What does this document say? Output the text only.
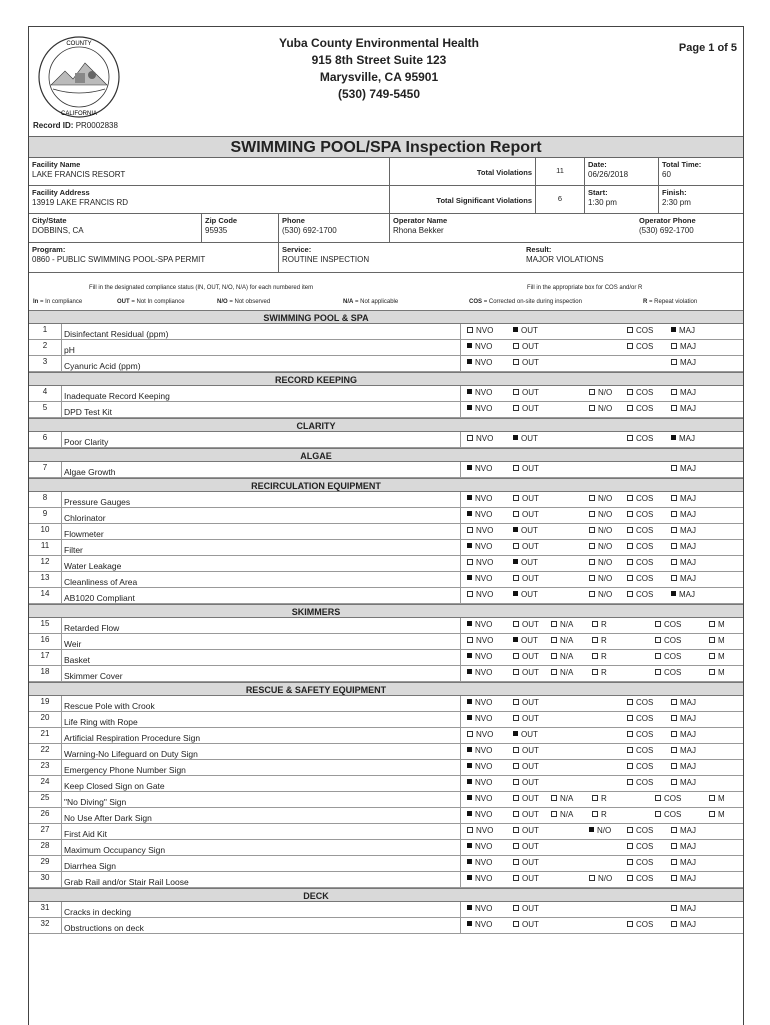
COUNTY
CALIFORNIA
Yuba County Environmental Health
915 8th Street Suite 123
Marysville, CA 95901
(530) 749-5450
Page 1 of 5
Record ID: PR0002838
SWIMMING POOL/SPA Inspection Report
Facility Name
LAKE FRANCIS RESORT	Total Violations	11
Date:
06/26/2018
Total Time:
60
Facility Address
13919 LAKE FRANCIS RD	Total Significant Violations	6
Start:
1:30 pm
Finish:
2:30 pm
City/State
DOBBINS, CA
Zip Code
95935
Phone
(530) 692-1700
Operator Name
Rhona Bekker
Operator Phone
(530) 692-1700
Program:
0860 - PUBLIC SWIMMING POOL-SPA PERMIT
Service:
ROUTINE INSPECTION
Result:
MAJOR VIOLATIONS
Fill in the designated compliance status (IN, OUT, N/O, N/A) for each numbered item	Fill in the appropriate box for COS and/or R
In = In compliance	OUT = Not In compliance	N/O = Not observed	N/A = Not applicable	COS = Corrected on-site during inspection	R = Repeat violation
SWIMMING POOL & SPA
1	Disinfectant Residual (ppm)	NVO	OUT	COS	MAJ
2	pH	NVO	OUT	COS	MAJ
3	Cyanuric Acid (ppm)	NVO	OUT	MAJ
RECORD KEEPING
4	Inadequate Record Keeping	NVO	OUT	N/O	COS	MAJ
5	DPD Test Kit	NVO	OUT	N/O	COS	MAJ
CLARITY
6	Poor Clarity	NVO	OUT	COS	MAJ
ALGAE
7	Algae Growth	NVO	OUT	MAJ
RECIRCULATION EQUIPMENT
8	Pressure Gauges	NVO	OUT	N/O	COS	MAJ
9	Chlorinator	NVO	OUT	N/O	COS	MAJ
10	Flowmeter	NVO	OUT	N/O	COS	MAJ
11	Filter	NVO	OUT	N/O	COS	MAJ
12	Water Leakage	NVO	OUT	N/O	COS	MAJ
13	Cleanliness of Area	NVO	OUT	N/O	COS	MAJ
14	AB1020 Compliant	NVO	OUT	N/O	COS	MAJ
SKIMMERS
15	Retarded Flow	NVO	OUT	N/A	R	COS	M
16	Weir	NVO	OUT	N/A	R	COS	M
17	Basket	NVO	OUT	N/A	R	COS	M
18	Skimmer Cover	NVO	OUT	N/A	R	COS	M
RESCUE & SAFETY EQUIPMENT
19	Rescue Pole with Crook	NVO	OUT	COS	MAJ
20	Life Ring with Rope	NVO	OUT	COS	MAJ
21	Artificial Respiration Procedure Sign	NVO	OUT	COS	MAJ
22	Warning-No Lifeguard on Duty Sign	NVO	OUT	COS	MAJ
23	Emergency Phone Number Sign	NVO	OUT	COS	MAJ
24	Keep Closed Sign on Gate	NVO	OUT	COS	MAJ
25	"No Diving" Sign	NVO	OUT	N/A	R	COS	M
26	No Use After Dark Sign	NVO	OUT	N/A	R	COS	M
27	First Aid Kit	NVO	OUT	N/O	COS	MAJ
28	Maximum Occupancy Sign	NVO	OUT	COS	MAJ
29	Diarrhea Sign	NVO	OUT	COS	MAJ
30	Grab Rail and/or Stair Rail Loose	NVO	OUT	N/O	COS	MAJ
DECK
31	Cracks in decking	NVO	OUT	MAJ
32	Obstructions on deck	NVO	OUT	COS	MAJ
